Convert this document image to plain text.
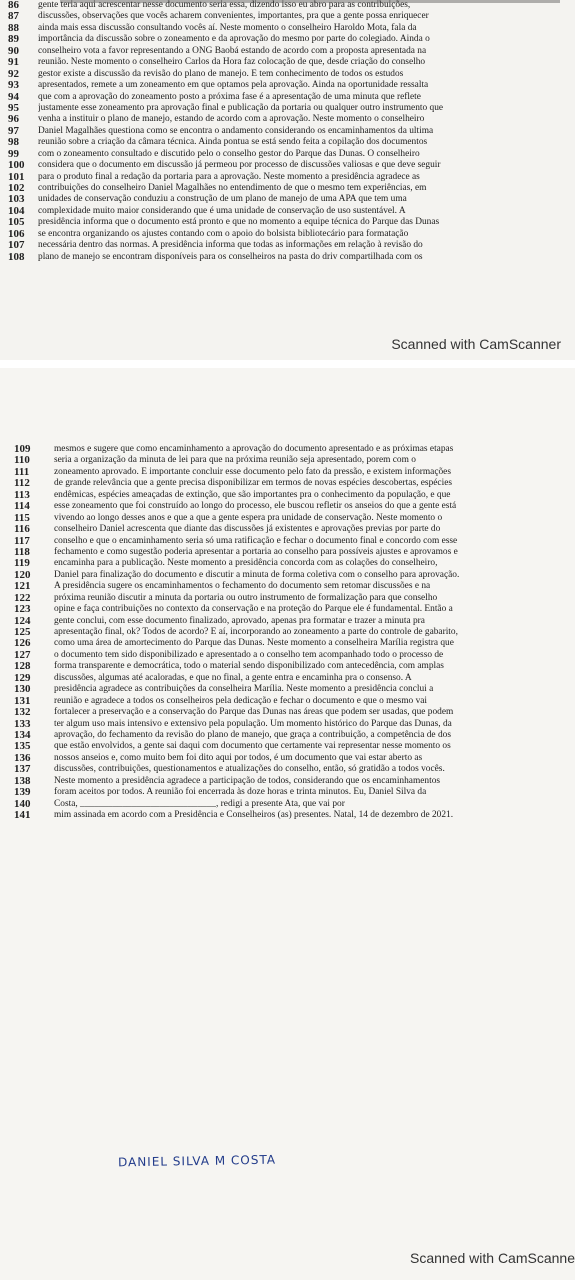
86	gente teria aqui acrescentar nesse documento seria essa, dizendo isso eu abro para as contribuições,
87	discussões, observações que vocês acharem convenientes, importantes, pra que a gente possa enriquecer
88	ainda mais essa discussão consultando vocês aí. Neste momento o conselheiro Haroldo Mota, fala da
89	importância da discussão sobre o zoneamento e da aprovação do mesmo por parte do colegiado. Ainda o
90	conselheiro vota a favor representando a ONG Baobá estando de acordo com a proposta apresentada na
91	reunião. Neste momento o conselheiro Carlos da Hora faz colocação de que, desde criação do conselho
92	gestor existe a discussão da revisão do plano de manejo. E tem conhecimento de todos os estudos
93	apresentados, remete a um zoneamento em que optamos pela aprovação. Ainda na oportunidade ressalta
94	que com a aprovação do zoneamento posto a próxima fase é a apresentação de uma minuta que reflete
95	justamente esse zoneamento pra aprovação final e publicação da portaria ou qualquer outro instrumento que
96	venha a instituir o plano de manejo, estando de acordo com a aprovação. Neste momento o conselheiro
97	Daniel Magalhães questiona como se encontra o andamento considerando os encaminhamentos da ultima
98	reunião sobre a criação da câmara técnica. Ainda pontua se está sendo feita a copilação dos documentos
99	com o zoneamento consultado e discutido pelo o conselho gestor do Parque das Dunas. O conselheiro
100	considera que o documento em discussão já permeou por processo de discussões valiosas e que deve seguir
101	para o produto final a redação da portaria para a aprovação. Neste momento a presidência agradece as
102	contribuições do conselheiro Daniel Magalhães no entendimento de que o mesmo tem experiências, em
103	unidades de conservação conduziu a construção de um plano de manejo de uma APA que tem uma
104	complexidade muito maior considerando que é uma unidade de conservação de uso sustentável. A
105	presidência informa que o documento está pronto e que no momento a equipe técnica do Parque das Dunas
106	se encontra organizando os ajustes contando com o apoio do bolsista bibliotecário para formatação
107	necessária dentro das normas. A presidência informa que todas as informações em relação à revisão do
108	plano de manejo se encontram disponíveis para os conselheiros na pasta do driv compartilhada com os
Scanned with CamScanner
109	mesmos e sugere que como encaminhamento a aprovação do documento apresentado e as próximas etapas
110	seria a organização da minuta de lei para que na próxima reunião seja apresentado, porem com o
111	zoneamento aprovado. É importante concluir esse documento pelo fato da pressão, e existem informações
112	de grande relevância que a gente precisa disponibilizar em termos de novas espécies descobertas, espécies
113	endêmicas, espécies ameaçadas de extinção, que são importantes pra o conhecimento da população, e que
114	esse zoneamento que foi construído ao longo do processo, ele buscou refletir os anseios do que a gente está
115	vivendo ao longo desses anos e que a que a gente espera pra unidade de conservação. Neste momento o
116	conselheiro Daniel acrescenta que diante das discussões já existentes e aprovações previas por parte do
117	conselho e que o encaminhamento seria só uma ratificação e fechar o documento final e concordo com esse
118	fechamento e como sugestão poderia apresentar a portaria ao conselho para possíveis ajustes e aprovamos e
119	encaminha para a publicação. Neste momento a presidência concorda com as colações do conselheiro,
120	Daniel para finalização do documento e discutir a minuta de forma coletiva com o conselho para aprovação.
121	A presidência sugere os encaminhamentos o fechamento do documento sem retomar discussões e na
122	próxima reunião discutir a minuta da portaria ou outro instrumento de formalização para que conselho
123	opine e faça contribuições no contexto da conservação e na proteção do Parque ele é fundamental. Então a
124	gente conclui, com esse documento finalizado, aprovado, apenas pra formatar e trazer a minuta pra
125	apresentação final, ok? Todos de acordo? E aí, incorporando ao zoneamento a parte do controle de gabarito,
126	como uma área de amortecimento do Parque das Dunas. Neste momento a conselheira Marília registra que
127	o documento tem sido disponibilizado e apresentado a o conselho tem acompanhado todo o processo de
128	forma transparente e democrática, todo o material sendo disponibilizado com antecedência, com amplas
129	discussões, algumas até acaloradas, e que no final, a gente entra e encaminha pra o consenso. A
130	presidência agradece as contribuições da conselheira Marília. Neste momento a presidência conclui a
131	reunião e agradece a todos os conselheiros pela dedicação e fechar o documento e que o mesmo vai
132	fortalecer a preservação e a conservação do Parque das Dunas nas áreas que podem ser usadas, que podem
133	ter algum uso mais intensivo e extensivo pela população. Um momento histórico do Parque das Dunas, da
134	aprovação, do fechamento da revisão do plano de manejo, que graça a contribuição, a competência de dos
135	que estão envolvidos, a gente sai daqui com documento que certamente vai representar nesse momento os
136	nossos anseios e, como muito bem foi dito aqui por todos, é um documento que vai estar aberto as
137	discussões, contribuições, questionamentos e atualizações do conselho, então, só gratidão a todos vocês.
138	Neste momento a presidência agradece a participação de todos, considerando que os encaminhamentos
139	foram aceitos por todos. A reunião foi encerrada às doze horas e trinta minutos. Eu, Daniel Silva da
140	Costa, _____________________________, redigi a presente Ata, que vai por
141	mim assinada em acordo com a Presidência e Conselheiros (as) presentes. Natal, 14 de dezembro de 2021.
DANIEL SILVA M COSTA
Scanned with CamScanne
